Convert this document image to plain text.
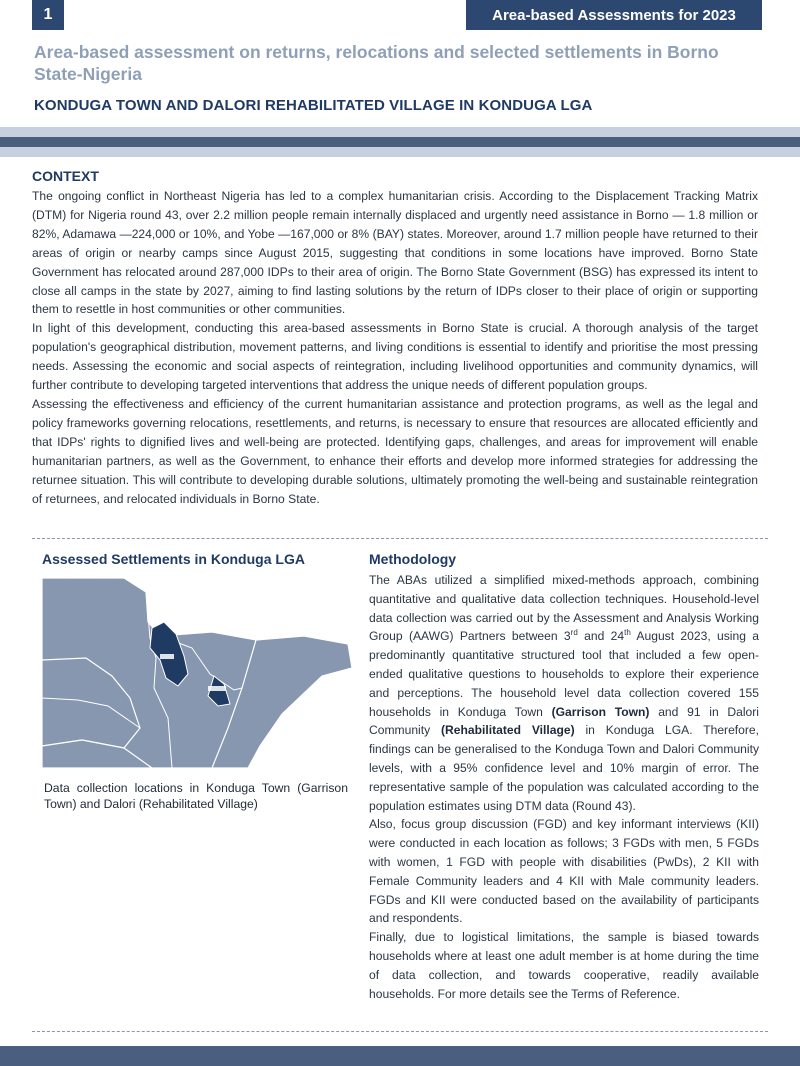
1	Area-based Assessments for 2023
Area-based assessment on returns, relocations and selected settlements in Borno State-Nigeria
KONDUGA TOWN AND DALORI REHABILITATED VILLAGE IN KONDUGA LGA
CONTEXT

The ongoing conflict in Northeast Nigeria has led to a complex humanitarian crisis. According to the Displacement Tracking Matrix (DTM) for Nigeria round 43, over 2.2 million people remain internally displaced and urgently need assistance in Borno — 1.8 million or 82%, Adamawa —224,000 or 10%, and Yobe —167,000 or 8% (BAY) states. Moreover, around 1.7 million people have returned to their areas of origin or nearby camps since August 2015, suggesting that conditions in some locations have improved. Borno State Government has relocated around 287,000 IDPs to their area of origin. The Borno State Government (BSG) has expressed its intent to close all camps in the state by 2027, aiming to find lasting solutions by the return of IDPs closer to their place of origin or supporting them to resettle in host communities or other communities.

In light of this development, conducting this area-based assessments in Borno State is crucial. A thorough analysis of the target population's geographical distribution, movement patterns, and living conditions is essential to identify and prioritise the most pressing needs. Assessing the economic and social aspects of reintegration, including livelihood opportunities and community dynamics, will further contribute to developing targeted interventions that address the unique needs of different population groups.

Assessing the effectiveness and efficiency of the current humanitarian assistance and protection programs, as well as the legal and policy frameworks governing relocations, resettlements, and returns, is necessary to ensure that resources are allocated efficiently and that IDPs' rights to dignified lives and well-being are protected. Identifying gaps, challenges, and areas for improvement will enable humanitarian partners, as well as the Government, to enhance their efforts and develop more informed strategies for addressing the returnee situation. This will contribute to developing durable solutions, ultimately promoting the well-being and sustainable reintegration of returnees, and relocated individuals in Borno State.

Assessed Settlements in Konduga LGA

Data collection locations in Konduga Town (Garrison Town) and Dalori (Rehabilitated Village)

Methodology

The ABAs utilized a simplified mixed-methods approach, combining quantitative and qualitative data collection techniques. Household-level data collection was carried out by the Assessment and Analysis Working Group (AAWG) Partners between 3rd and 24th August 2023, using a predominantly quantitative structured tool that included a few open-ended qualitative questions to households to explore their experience and perceptions. The household level data collection covered 155 households in Konduga Town (Garrison Town) and 91 in Dalori Community (Rehabilitated Village) in Konduga LGA. Therefore, findings can be generalised to the Konduga Town and Dalori Community levels, with a 95% confidence level and 10% margin of error. The representative sample of the population was calculated according to the population estimates using DTM data (Round 43).

Also, focus group discussion (FGD) and key informant interviews (KII) were conducted in each location as follows; 3 FGDs with men, 5 FGDs with women, 1 FGD with people with disabilities (PwDs), 2 KII with Female Community leaders and 4 KII with Male community leaders. FGDs and KII were conducted based on the availability of participants and respondents.

Finally, due to logistical limitations, the sample is biased towards households where at least one adult member is at home during the time of data collection, and towards cooperative, readily available households. For more details see the Terms of Reference.
